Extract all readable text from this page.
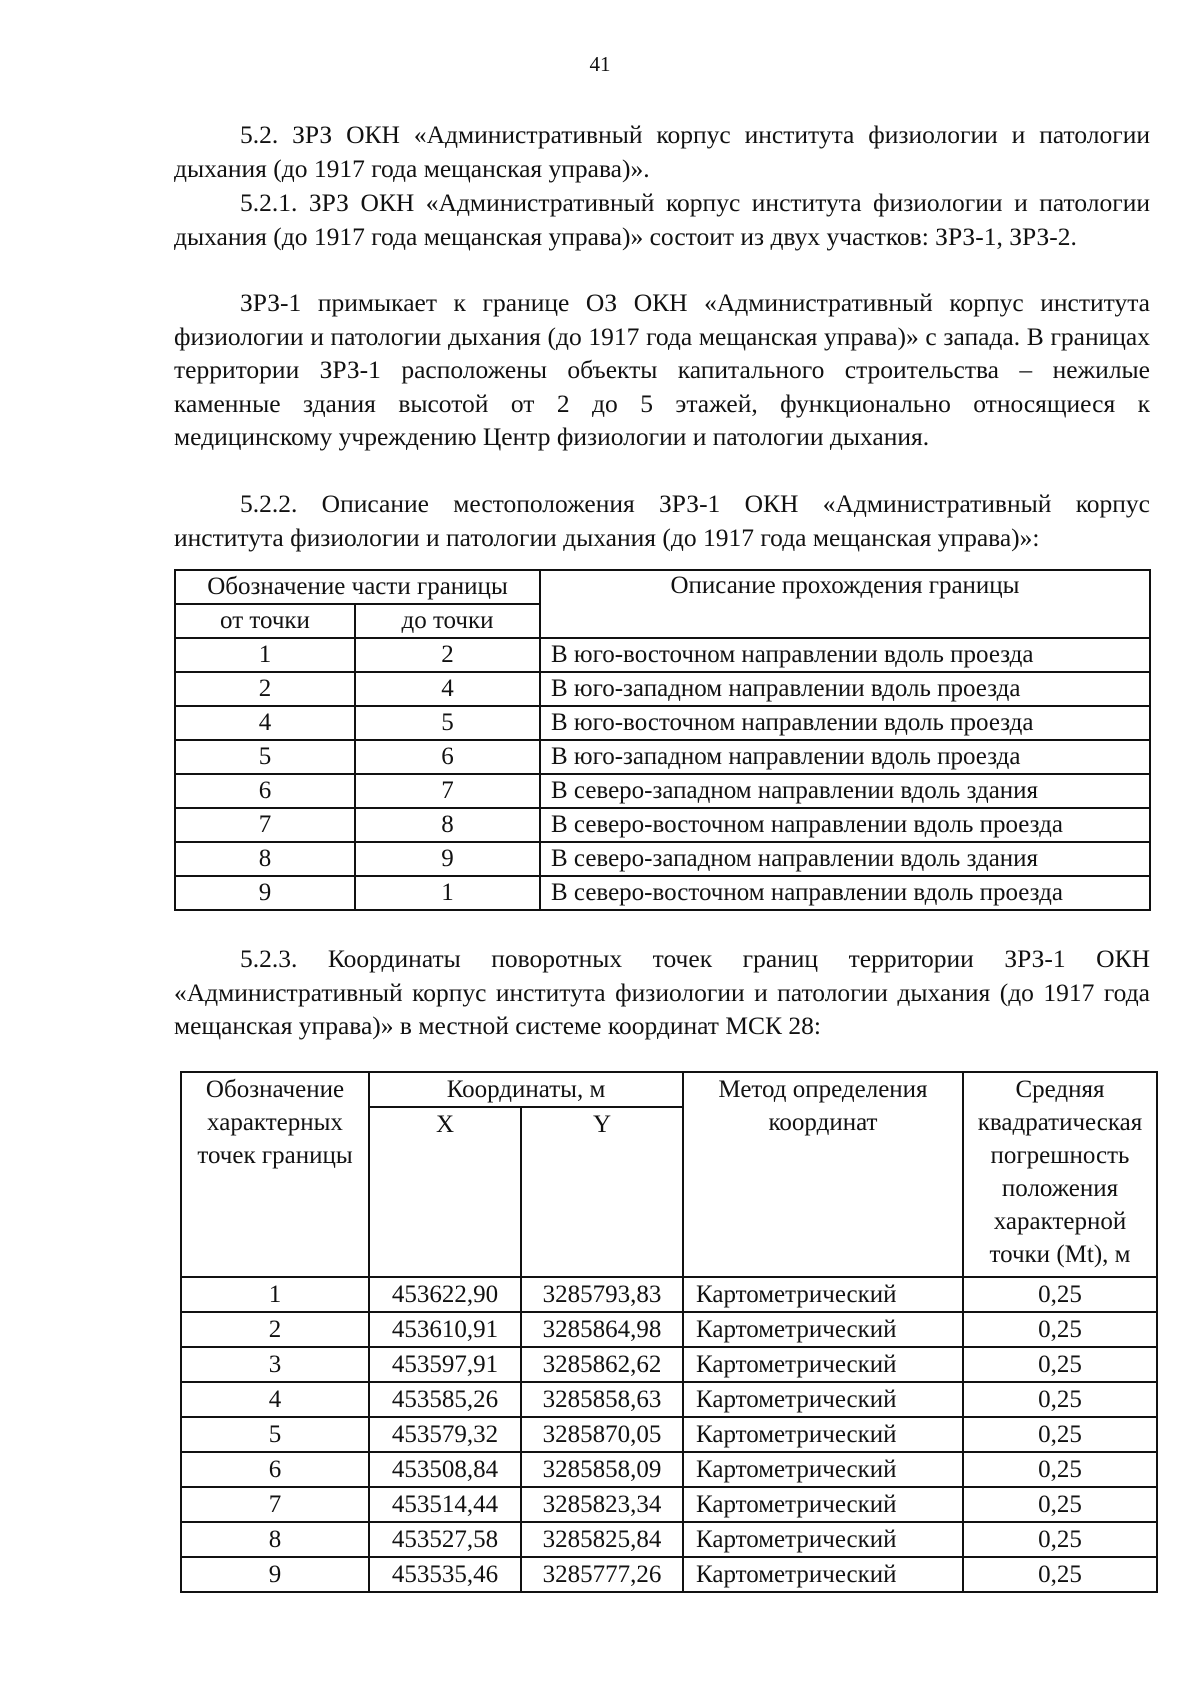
41

5.2. ЗРЗ ОКН «Административный корпус института физиологии и патологии дыхания (до 1917 года мещанская управа)».

5.2.1. ЗРЗ ОКН «Административный корпус института физиологии и патологии дыхания (до 1917 года мещанская управа)» состоит из двух участков: ЗРЗ-1, ЗРЗ-2.

ЗРЗ-1 примыкает к границе ОЗ ОКН «Административный корпус института физиологии и патологии дыхания (до 1917 года мещанская управа)» с запада. В границах территории ЗРЗ-1 расположены объекты капитального строительства – нежилые каменные здания высотой от 2 до 5 этажей, функционально относящиеся к медицинскому учреждению Центр физиологии и патологии дыхания.

5.2.2. Описание местоположения ЗРЗ-1 ОКН «Административный корпус института физиологии и патологии дыхания (до 1917 года мещанская управа)»:

Обозначение части границы		Описание прохождения границы
от точки	до точки	
1	2	В юго-восточном направлении вдоль проезда
2	4	В юго-западном направлении вдоль проезда
4	5	В юго-восточном направлении вдоль проезда
5	6	В юго-западном направлении вдоль проезда
6	7	В северо-западном направлении вдоль здания
7	8	В северо-восточном направлении вдоль проезда
8	9	В северо-западном направлении вдоль здания
9	1	В северо-восточном направлении вдоль проезда

5.2.3. Координаты поворотных точек границ территории ЗРЗ-1 ОКН «Административный корпус института физиологии и патологии дыхания (до 1917 года мещанская управа)» в местной системе координат МСК 28:

Обозначение характерных точек границы	Координаты, м		Метод определения координат	Средняя квадратическая погрешность положения характерной точки (Mt), м
	X	Y		
1	453622,90	3285793,83	Картометрический	0,25
2	453610,91	3285864,98	Картометрический	0,25
3	453597,91	3285862,62	Картометрический	0,25
4	453585,26	3285858,63	Картометрический	0,25
5	453579,32	3285870,05	Картометрический	0,25
6	453508,84	3285858,09	Картометрический	0,25
7	453514,44	3285823,34	Картометрический	0,25
8	453527,58	3285825,84	Картометрический	0,25
9	453535,46	3285777,26	Картометрический	0,25
